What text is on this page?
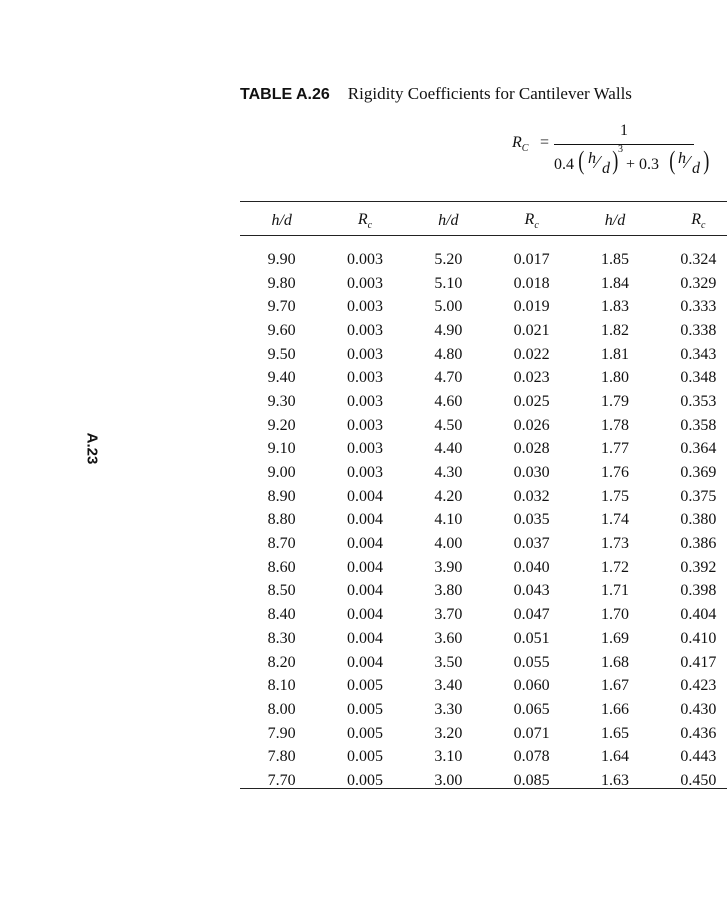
A.23
TABLE A.26 Rigidity Coefficients for Cantilever Walls
$R_C$ =
1
0.4 ( h ⁄ d ) 3
+ 0.3 ( h ⁄ d )
h/d	$R_c$	h/d	$R_c$	h/d	$R_c$
9.90	0.003	5.20	0.017	1.85	0.324
9.80	0.003	5.10	0.018	1.84	0.329
9.70	0.003	5.00	0.019	1.83	0.333
9.60	0.003	4.90	0.021	1.82	0.338
9.50	0.003	4.80	0.022	1.81	0.343
9.40	0.003	4.70	0.023	1.80	0.348
9.30	0.003	4.60	0.025	1.79	0.353
9.20	0.003	4.50	0.026	1.78	0.358
9.10	0.003	4.40	0.028	1.77	0.364
9.00	0.003	4.30	0.030	1.76	0.369
8.90	0.004	4.20	0.032	1.75	0.375
8.80	0.004	4.10	0.035	1.74	0.380
8.70	0.004	4.00	0.037	1.73	0.386
8.60	0.004	3.90	0.040	1.72	0.392
8.50	0.004	3.80	0.043	1.71	0.398
8.40	0.004	3.70	0.047	1.70	0.404
8.30	0.004	3.60	0.051	1.69	0.410
8.20	0.004	3.50	0.055	1.68	0.417
8.10	0.005	3.40	0.060	1.67	0.423
8.00	0.005	3.30	0.065	1.66	0.430
7.90	0.005	3.20	0.071	1.65	0.436
7.80	0.005	3.10	0.078	1.64	0.443
7.70	0.005	3.00	0.085	1.63	0.450
